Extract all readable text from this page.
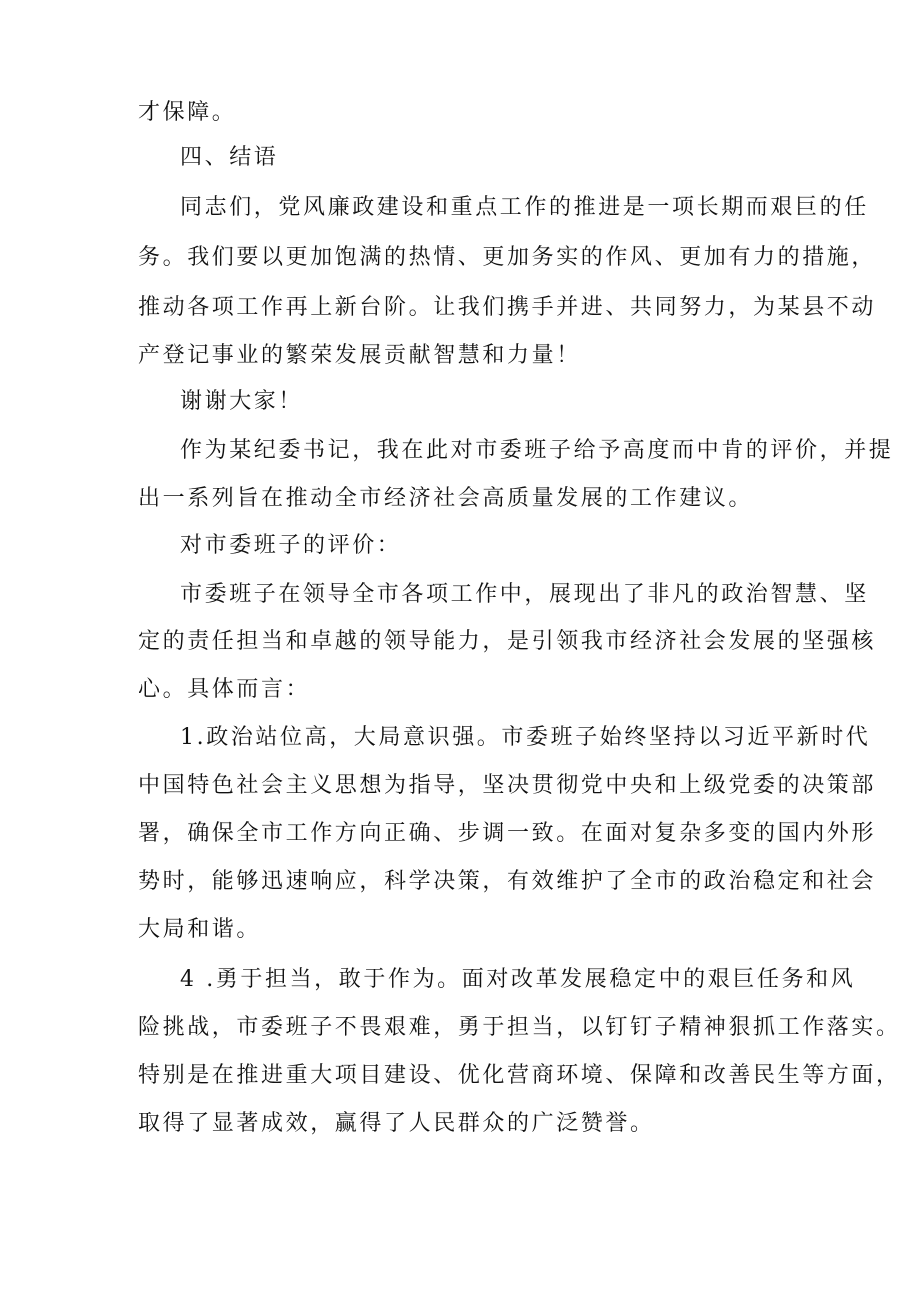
才保障。
四、结语
同志们，党风廉政建设和重点工作的推进是一项长期而艰巨的任
务。我们要以更加饱满的热情、更加务实的作风、更加有力的措施，
推动各项工作再上新台阶。让我们携手并进、共同努力，为某县不动
产登记事业的繁荣发展贡献智慧和力量！
谢谢大家！
作为某纪委书记，我在此对市委班子给予高度而中肯的评价，并提
出一系列旨在推动全市经济社会高质量发展的工作建议。
对市委班子的评价：
市委班子在领导全市各项工作中，展现出了非凡的政治智慧、坚
定的责任担当和卓越的领导能力，是引领我市经济社会发展的坚强核
心。具体而言：
1.政治站位高，大局意识强。市委班子始终坚持以习近平新时代
中国特色社会主义思想为指导，坚决贯彻党中央和上级党委的决策部
署，确保全市工作方向正确、步调一致。在面对复杂多变的国内外形
势时，能够迅速响应，科学决策，有效维护了全市的政治稳定和社会
大局和谐。
4 .勇于担当，敢于作为。面对改革发展稳定中的艰巨任务和风
险挑战，市委班子不畏艰难，勇于担当，以钉钉子精神狠抓工作落实。
特别是在推进重大项目建设、优化营商环境、保障和改善民生等方面，
取得了显著成效，赢得了人民群众的广泛赞誉。
